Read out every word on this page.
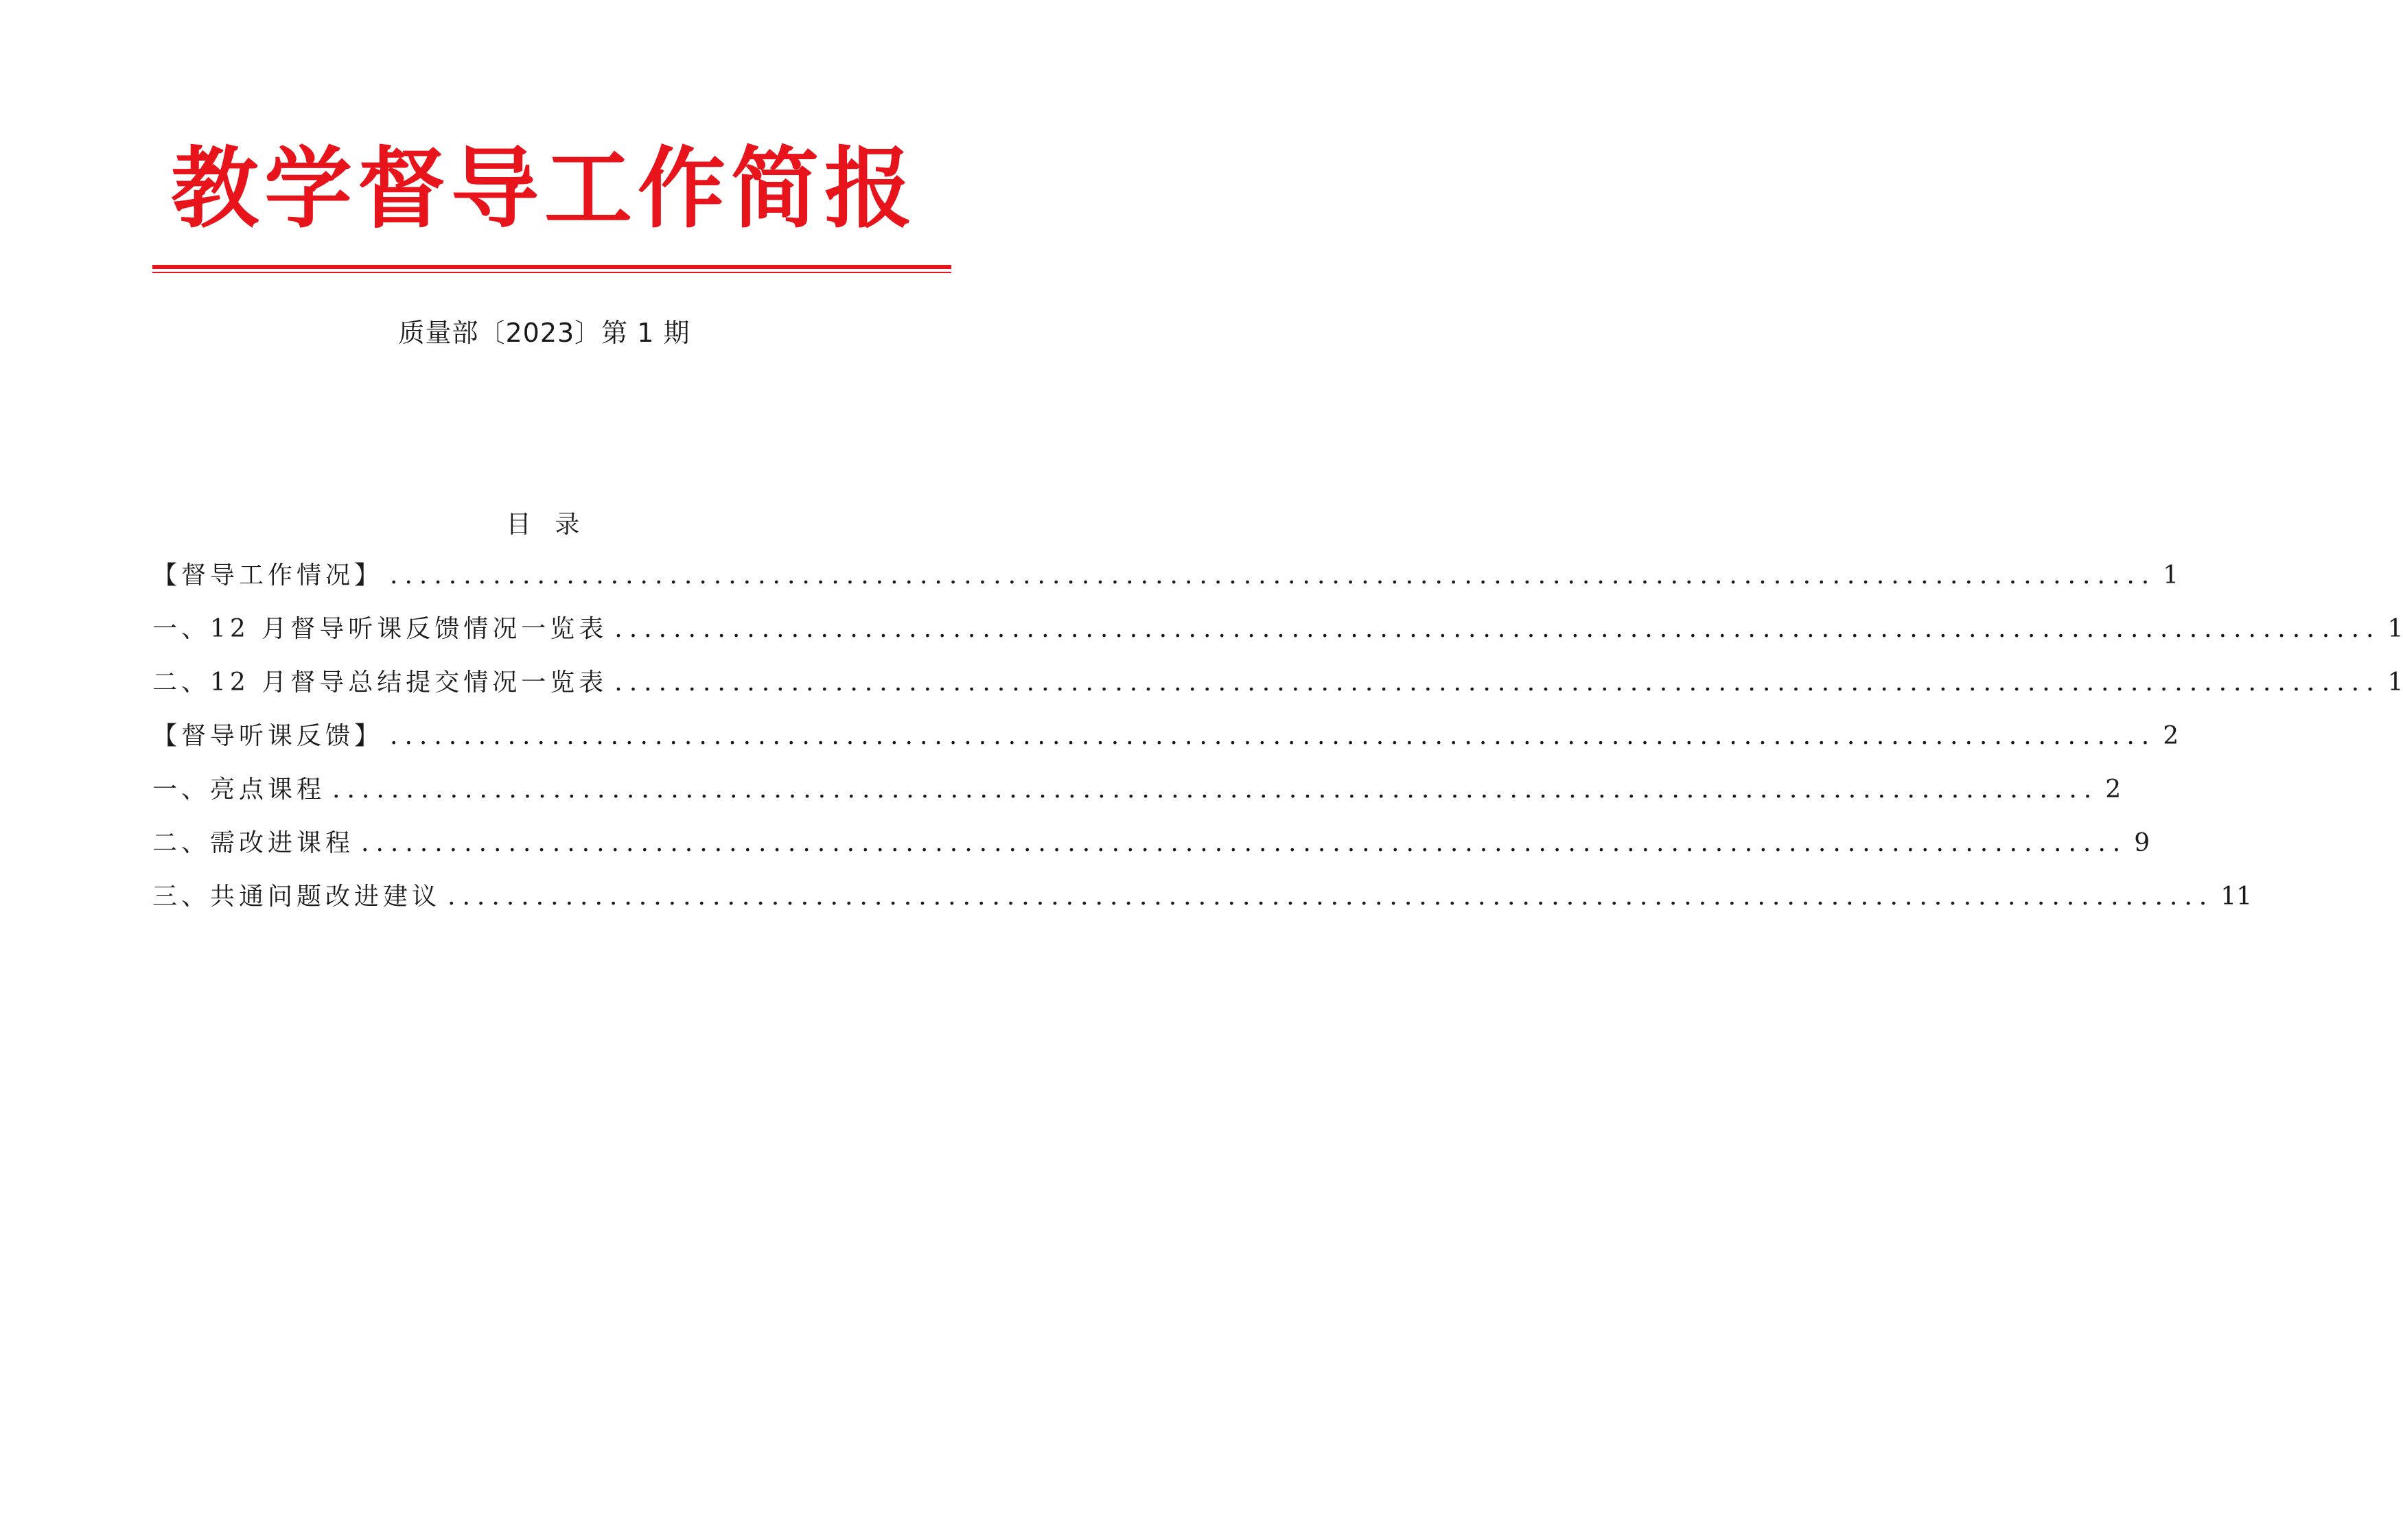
教学督导工作简报
质量部〔2023〕第 1 期
目  录
【督导工作情况】 ........................................................................................................................ 1
一、12 月督导听课反馈情况一览表 ........................................................................................................................ 1
二、12 月督导总结提交情况一览表 ........................................................................................................................ 1
【督导听课反馈】 ........................................................................................................................ 2
一、亮点课程 ........................................................................................................................ 2
二、需改进课程 ........................................................................................................................ 9
三、共通问题改进建议 ........................................................................................................................ 11
